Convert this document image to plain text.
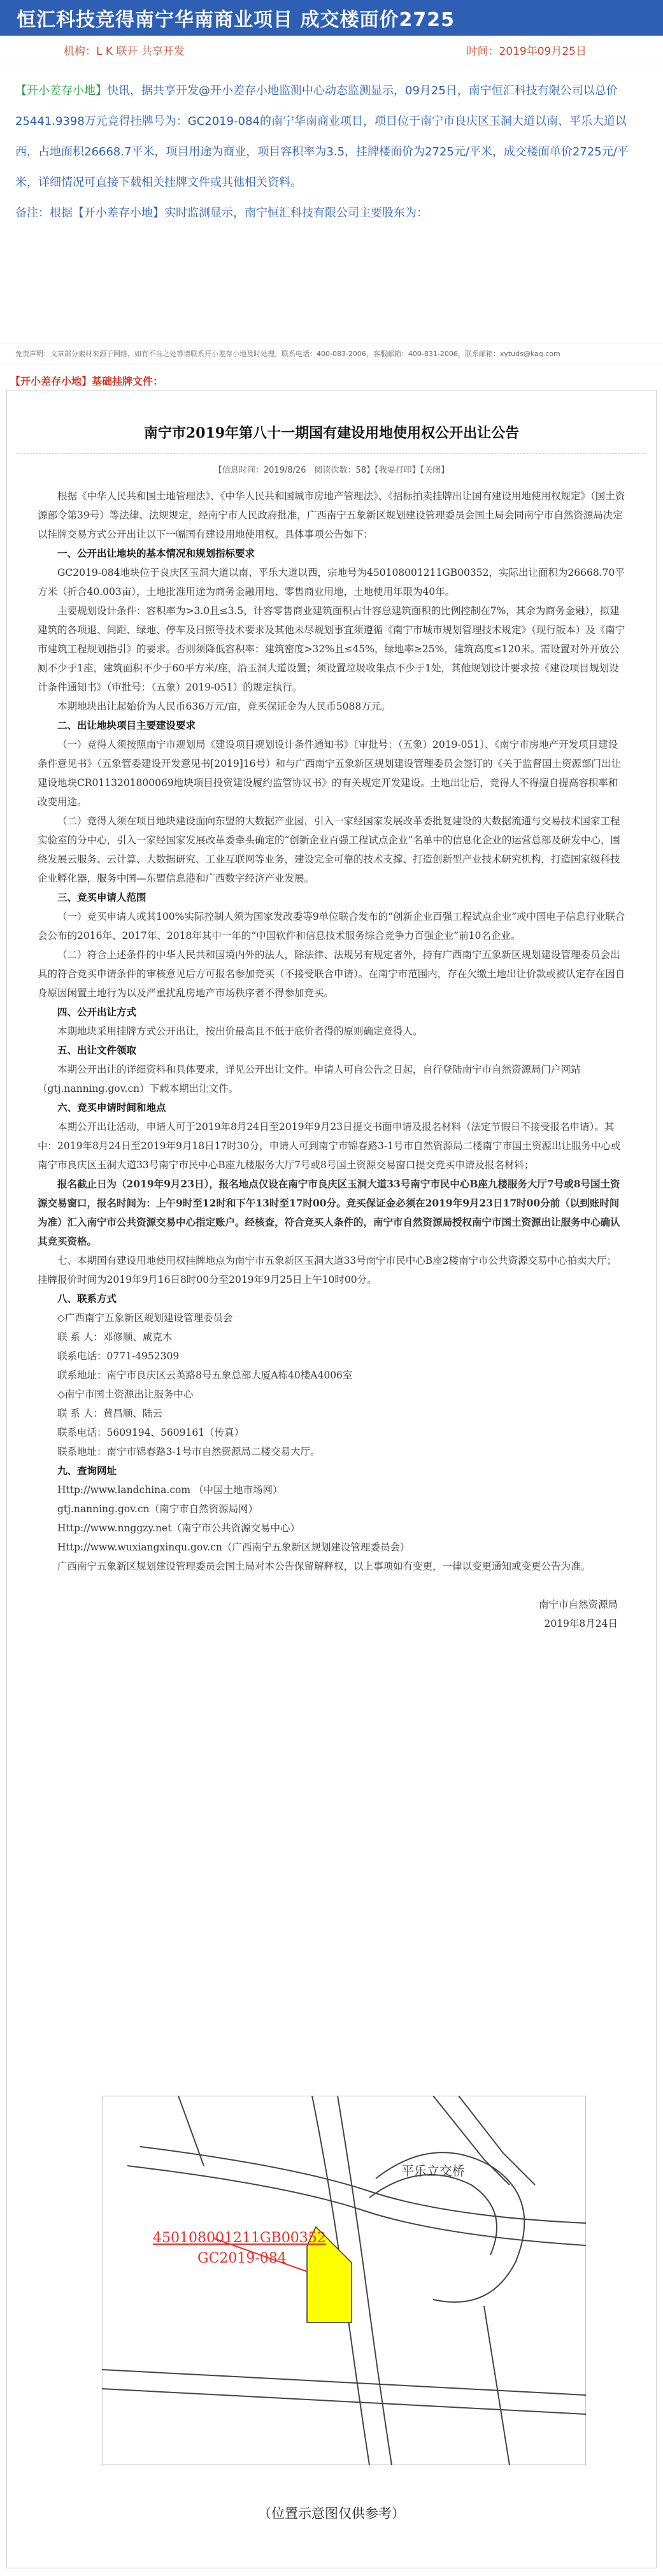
恒汇科技竞得南宁华南商业项目 成交楼面价2725
机构：L K 联开 共享开发	时间：2019年09月25日
【开小差存小地】快讯，据共享开发@开小差存小地监测中心动态监测显示，09月25日，南宁恒汇科技有限公司以总价25441.9398万元竞得挂牌号为：GC2019-084的南宁华南商业项目，项目位于南宁市良庆区玉洞大道以南、平乐大道以西，占地面积26668.7平米，项目用途为商业，项目容积率为3.5，挂牌楼面价为2725元/平米，成交楼面单价2725元/平米，详细情况可直接下载相关挂牌文件或其他相关资料。
备注：根据【开小差存小地】实时监测显示，南宁恒汇科技有限公司主要股东为：
免责声明：文章部分素材来源于网络，如有不当之处等请联系开小差存小地及时处理。联系电话：400-083-2006，客服邮箱：400-831-2006，联系邮箱：xytuds@kaq.com
【开小差存小地】基础挂牌文件：
南宁市2019年第八十一期国有建设用地使用权公开出让公告
【信息时间：2019/8/26　阅读次数：58】【我要打印】【关闭】

根据《中华人民共和国土地管理法》、《中华人民共和国城市房地产管理法》、《招标拍卖挂牌出让国有建设用地使用权规定》（国土资源部令第39号）等法律、法规规定，经南宁市人民政府批准，广西南宁五象新区规划建设管理委员会国土局会同南宁市自然资源局决定以挂牌交易方式公开出让以下一幅国有建设用地使用权。具体事项公告如下：

一、公开出让地块的基本情况和规划指标要求

GC2019-084地块位于良庆区玉洞大道以南、平乐大道以西，宗地号为450108001211GB00352，实际出让面积为26668.70平方米（折合40.003亩），土地批准用途为商务金融用地、零售商业用地，土地使用年限为40年。

主要规划设计条件：容积率为>3.0且≤3.5，计容零售商业建筑面积占计容总建筑面积的比例控制在7%，其余为商务金融），拟建建筑的各项退、间距、绿地、停车及日照等技术要求及其他未尽规划事宜须遵循《南宁市城市规划管理技术规定》（现行版本）及《南宁市建筑工程规划指引》的要求。否则须降低容积率：建筑密度>32%且≤45%，绿地率≥25%，建筑高度≤120米。需设置对外开放公厕不少于1座，建筑面积不少于60平方米/座，沿玉洞大道设置；须设置垃圾收集点不少于1处，其他规划设计要求按《建设项目规划设计条件通知书》（审批号：（五象）2019-051）的规定执行。

本期地块出让起始价为人民币636万元/亩，竞买保证金为人民币5088万元。

二、出让地块项目主要建设要求

（一）竞得人须按照南宁市规划局《建设项目规划设计条件通知书》〔审批号：（五象）2019-051〕、《南宁市房地产开发项目建设条件意见书》（五象管委建设开发意见书[2019]16号）和与广西南宁五象新区规划建设管理委员会签订的《关于监督国土资源部门出让建设地块CR0113201800069地块项目投资建设履约监管协议书》的有关规定开发建设。土地出让后，竞得人不得擅自提高容积率和改变用途。

（二）竞得人须在项目地块建设面向东盟的大数据产业园，引入一家经国家发展改革委批复建设的大数据流通与交易技术国家工程实验室的分中心，引入一家经国家发展改革委牵头确定的“创新企业百强工程试点企业”名单中的信息化企业的运营总部及研发中心，围绕发展云服务、云计算、大数据研究、工业互联网等业务，建设完全可靠的技术支撑、打造创新型产业技术研究机构，打造国家级科技企业孵化器，服务中国—东盟信息港和广西数字经济产业发展。

三、竞买申请人范围

（一）竞买申请人或其100%实际控制人须为国家发改委等9单位联合发布的“创新企业百强工程试点企业”或中国电子信息行业联合会公布的2016年、2017年、2018年其中一年的“中国软件和信息技术服务综合竞争力百强企业”前10名企业。

（二）符合上述条件的中华人民共和国境内外的法人，除法律、法规另有规定者外，持有广西南宁五象新区规划建设管理委员会出具的符合竞买申请条件的审核意见后方可报名参加竞买（不接受联合申请）。在南宁市范围内，存在欠缴土地出让价款或被认定存在因自身原因闲置土地行为以及严重扰乱房地产市场秩序者不得参加竞买。

四、公开出让方式

本期地块采用挂牌方式公开出让，按出价最高且不低于底价者得的原则确定竞得人。

五、出让文件领取

本期公开出让的详细资料和具体要求，详见公开出让文件。申请人可自公告之日起，自行登陆南宁市自然资源局门户网站（gtj.nanning.gov.cn）下载本期出让文件。

六、竞买申请时间和地点

本期公开出让活动，申请人可于2019年8月24日至2019年9月23日提交书面申请及报名材料（法定节假日不接受报名申请）。其中：2019年8月24日至2019年9月18日17时30分，申请人可到南宁市锦春路3-1号市自然资源局二楼南宁市国土资源出让服务中心或南宁市良庆区玉洞大道33号南宁市民中心B座九楼服务大厅7号或8号国土资源交易窗口提交竞买申请及报名材料；

报名截止日为（2019年9月23日），报名地点仅设在南宁市良庆区玉洞大道33号南宁市民中心B座九楼服务大厅7号或8号国土资源交易窗口，报名时间为：上午9时至12时和下午13时至17时00分。竞买保证金必须在2019年9月23日17时00分前（以到账时间为准）汇入南宁市公共资源交易中心指定账户。经核查，符合竞买人条件的，南宁市自然资源局授权南宁市国土资源出让服务中心确认其竞买资格。

七、本期国有建设用地使用权挂牌地点为南宁市五象新区玉洞大道33号南宁市民中心B座2楼南宁市公共资源交易中心拍卖大厅；挂牌报价时间为2019年9月16日8时00分至2019年9月25日上午10时00分。

八、联系方式

◇广西南宁五象新区规划建设管理委员会

联 系 人：邓修顺、咸克木

联系电话：0771-4952309

联系地址：南宁市良庆区云英路8号五象总部大厦A栋40楼A4006室

◇南宁市国土资源出让服务中心

联 系 人：黄昌顺、陆云

联系电话：5609194、5609161（传真）

联系地址：南宁市锦春路3-1号市自然资源局二楼交易大厅。

九、查询网址

Http://www.landchina.com （中国土地市场网）

gtj.nanning.gov.cn（南宁市自然资源局网）

Http://www.nnggzy.net（南宁市公共资源交易中心）

Http://www.wuxiangxinqu.gov.cn（广西南宁五象新区规划建设管理委员会）

广西南宁五象新区规划建设管理委员会国土局对本公告保留解释权，以上事项如有变更，一律以变更通知或变更公告为准。

南宁市自然资源局
2019年8月24日
平乐立交桥
450108001211GB00352
GC2019-084
（位置示意图仅供参考）
